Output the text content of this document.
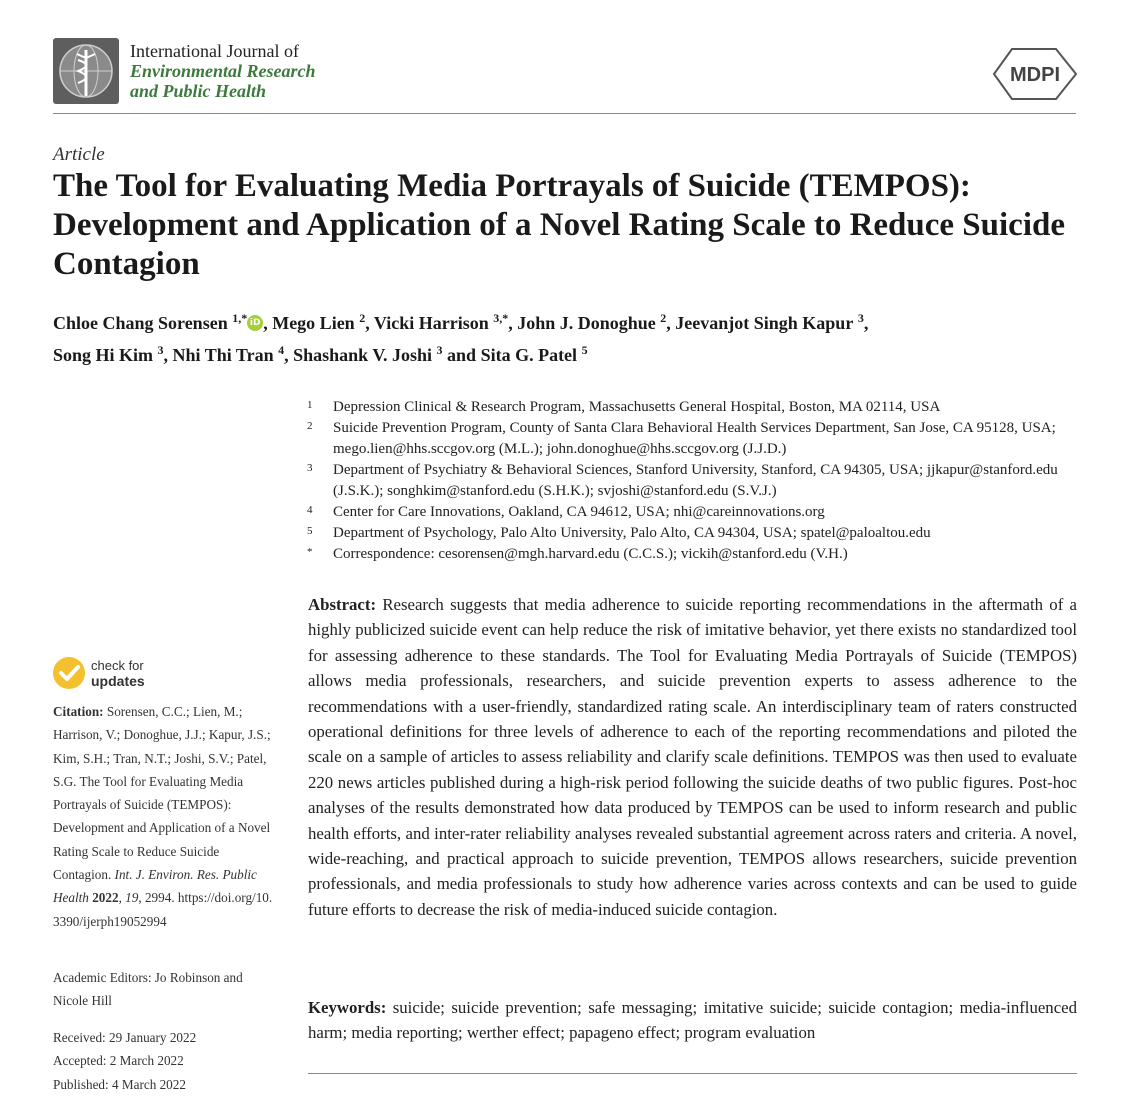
International Journal of
Environmental Research
and Public Health
MDPI
Article
The Tool for Evaluating Media Portrayals of Suicide (TEMPOS): Development and Application of a Novel Rating Scale to Reduce Suicide Contagion
Chloe Chang Sorensen $^{1,*}$ iD , Mego Lien $^2$, Vicki Harrison $^{3,*}$, John J. Donoghue $^2$, Jeevanjot Singh Kapur $^3$,
Song Hi Kim $^3$, Nhi Thi Tran $^4$, Shashank V. Joshi $^3$ and Sita G. Patel $^5$
1	Depression Clinical & Research Program, Massachusetts General Hospital, Boston, MA 02114, USA
2	Suicide Prevention Program, County of Santa Clara Behavioral Health Services Department, San Jose, CA 95128, USA; mego.lien@hhs.sccgov.org (M.L.); john.donoghue@hhs.sccgov.org (J.J.D.)
3	Department of Psychiatry & Behavioral Sciences, Stanford University, Stanford, CA 94305, USA; jjkapur@stanford.edu (J.S.K.); songhkim@stanford.edu (S.H.K.); svjoshi@stanford.edu (S.V.J.)
4	Center for Care Innovations, Oakland, CA 94612, USA; nhi@careinnovations.org
5	Department of Psychology, Palo Alto University, Palo Alto, CA 94304, USA; spatel@paloaltou.edu
*	Correspondence: cesorensen@mgh.harvard.edu (C.C.S.); vickih@stanford.edu (V.H.)
Abstract: Research suggests that media adherence to suicide reporting recommendations in the aftermath of a highly publicized suicide event can help reduce the risk of imitative behavior, yet there exists no standardized tool for assessing adherence to these standards. The Tool for Evaluating Media Portrayals of Suicide (TEMPOS) allows media professionals, researchers, and suicide prevention experts to assess adherence to the recommendations with a user-friendly, standardized rating scale. An interdisciplinary team of raters constructed operational definitions for three levels of adherence to each of the reporting recommendations and piloted the scale on a sample of articles to assess reliability and clarify scale definitions. TEMPOS was then used to evaluate 220 news articles published during a high-risk period following the suicide deaths of two public figures. Post-hoc analyses of the results demonstrated how data produced by TEMPOS can be used to inform research and public health efforts, and inter-rater reliability analyses revealed substantial agreement across raters and criteria. A novel, wide-reaching, and practical approach to suicide prevention, TEMPOS allows researchers, suicide prevention professionals, and media professionals to study how adherence varies across contexts and can be used to guide future efforts to decrease the risk of media-induced suicide contagion.
Keywords: suicide; suicide prevention; safe messaging; imitative suicide; suicide contagion; media-influenced harm; media reporting; werther effect; papageno effect; program evaluation
check for
updates
Citation: Sorensen, C.C.; Lien, M.; Harrison, V.; Donoghue, J.J.; Kapur, J.S.; Kim, S.H.; Tran, N.T.; Joshi, S.V.; Patel, S.G. The Tool for Evaluating Media Portrayals of Suicide (TEMPOS): Development and Application of a Novel Rating Scale to Reduce Suicide Contagion. Int. J. Environ. Res. Public Health 2022, 19, 2994. https://doi.org/10.3390/ijerph19052994
Academic Editors: Jo Robinson and Nicole Hill
Received: 29 January 2022
Accepted: 2 March 2022
Published: 4 March 2022
